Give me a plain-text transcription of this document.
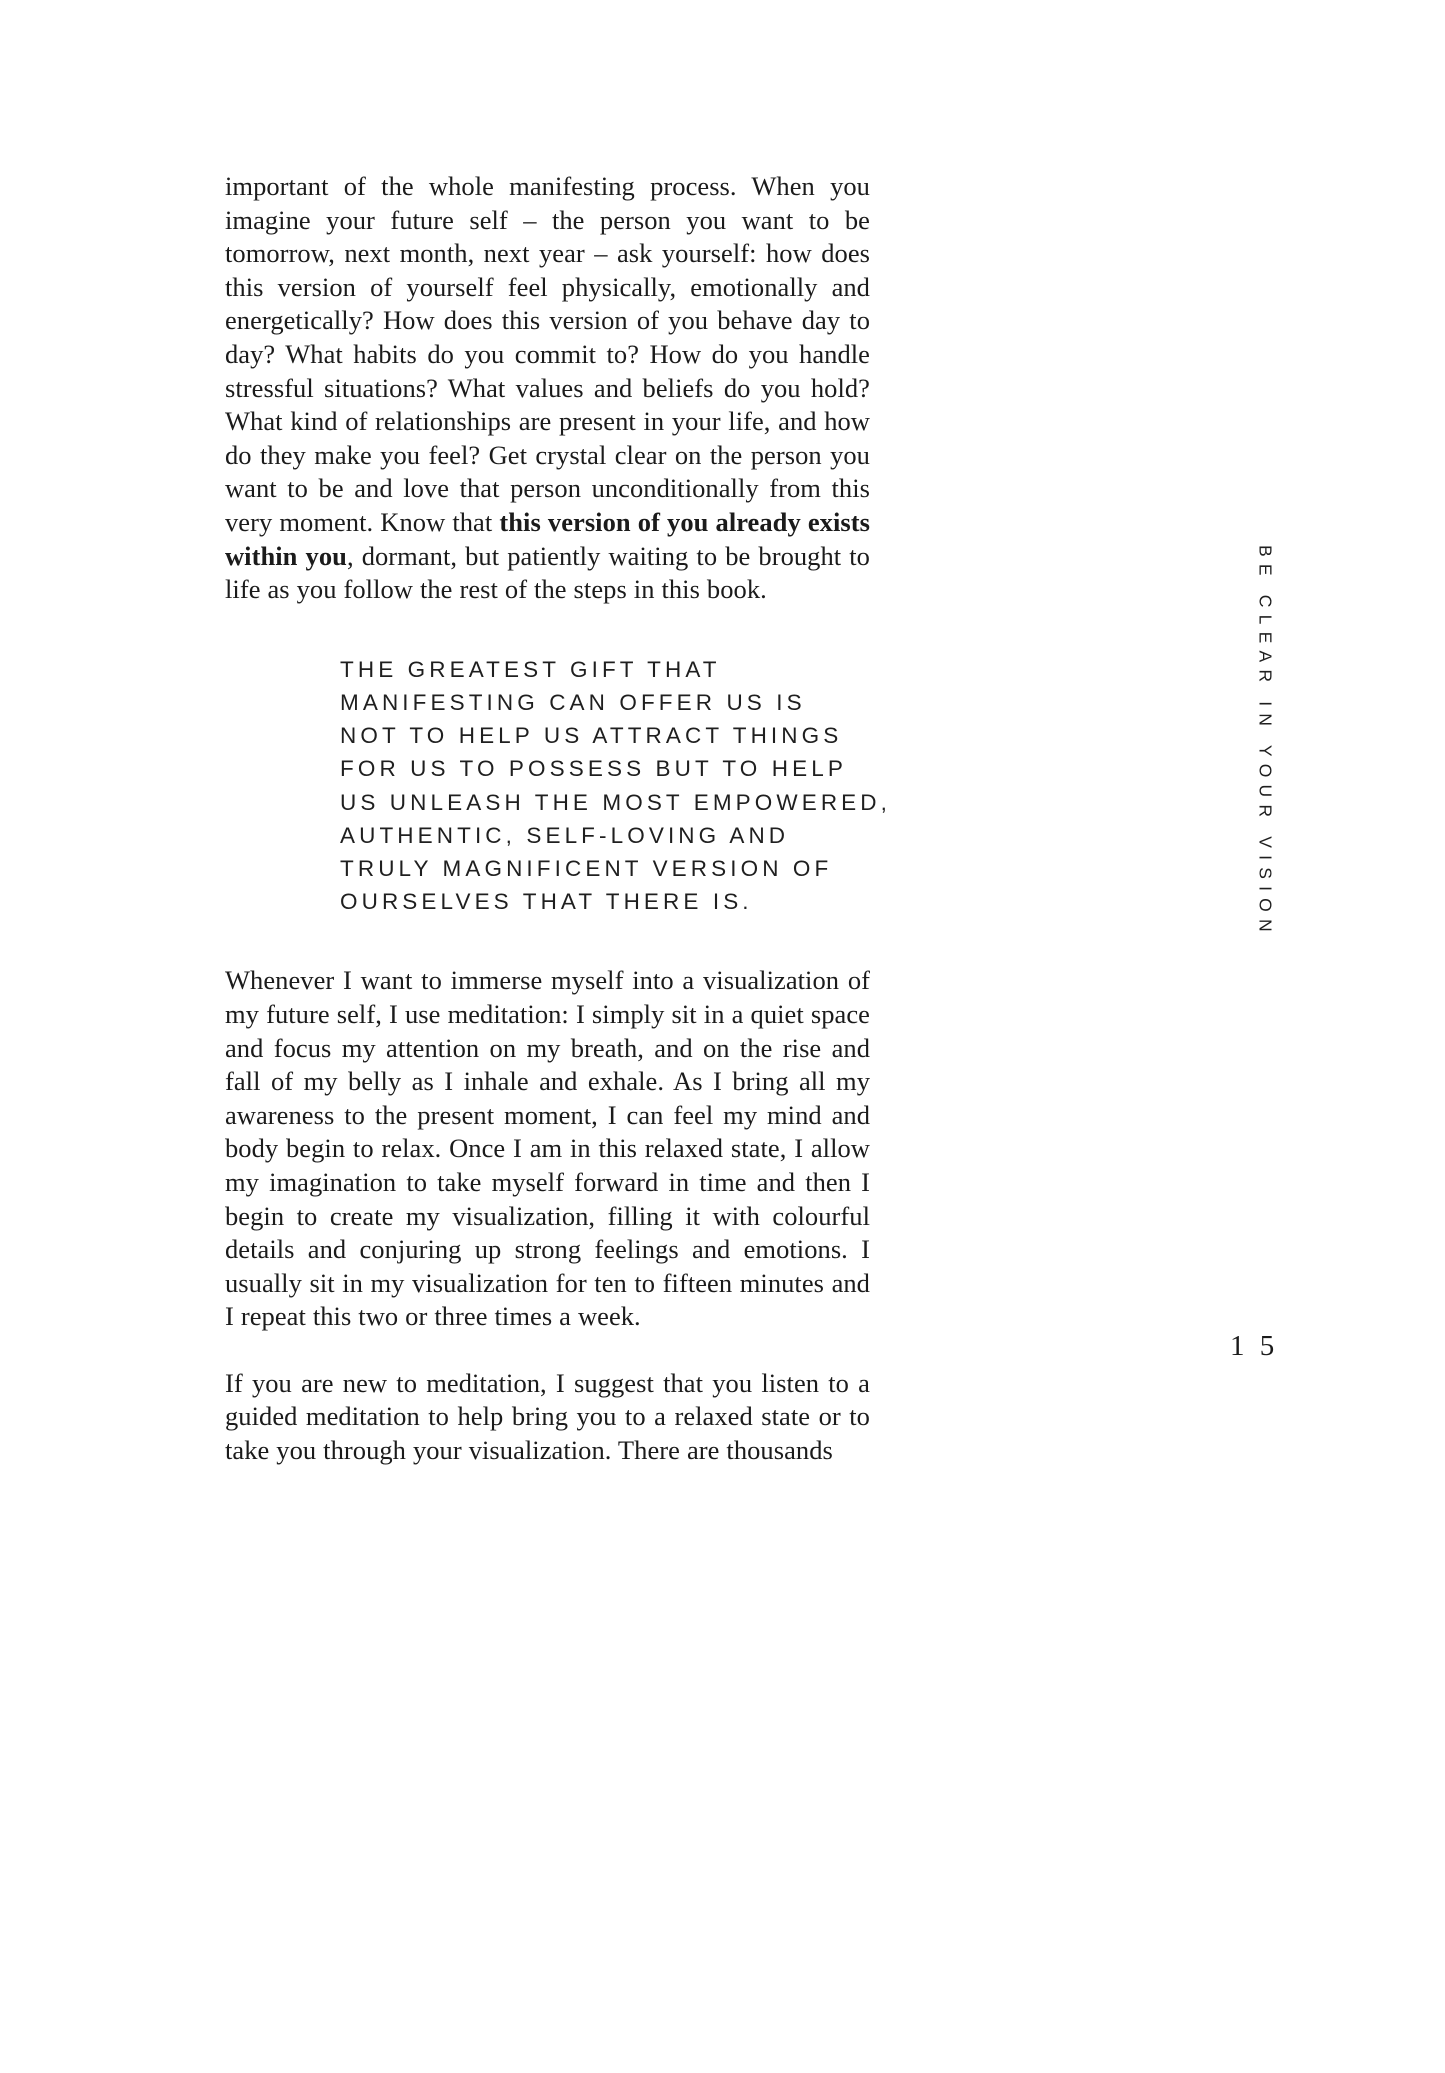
important of the whole manifesting process. When you imagine your future self – the person you want to be tomorrow, next month, next year – ask yourself: how does this version of yourself feel physically, emotionally and energetically? How does this version of you behave day to day? What habits do you commit to? How do you handle stressful situations? What values and beliefs do you hold? What kind of relationships are present in your life, and how do they make you feel? Get crystal clear on the person you want to be and love that person unconditionally from this very moment. Know that this version of you already exists within you, dormant, but patiently waiting to be brought to life as you follow the rest of the steps in this book.

THE GREATEST GIFT THAT
MANIFESTING CAN OFFER US IS
NOT TO HELP US ATTRACT THINGS
FOR US TO POSSESS BUT TO HELP
US UNLEASH THE MOST EMPOWERED,
AUTHENTIC, SELF-LOVING AND
TRULY MAGNIFICENT VERSION OF
OURSELVES THAT THERE IS.

Whenever I want to immerse myself into a visualization of my future self, I use meditation: I simply sit in a quiet space and focus my attention on my breath, and on the rise and fall of my belly as I inhale and exhale. As I bring all my awareness to the present moment, I can feel my mind and body begin to relax. Once I am in this relaxed state, I allow my imagination to take myself forward in time and then I begin to create my visualization, filling it with colourful details and conjuring up strong feelings and emotions. I usually sit in my visualization for ten to fifteen minutes and I repeat this two or three times a week.

If you are new to meditation, I suggest that you listen to a guided meditation to help bring you to a relaxed state or to take you through your visualization. There are thousands

BE CLEAR IN YOUR VISION
1 5
